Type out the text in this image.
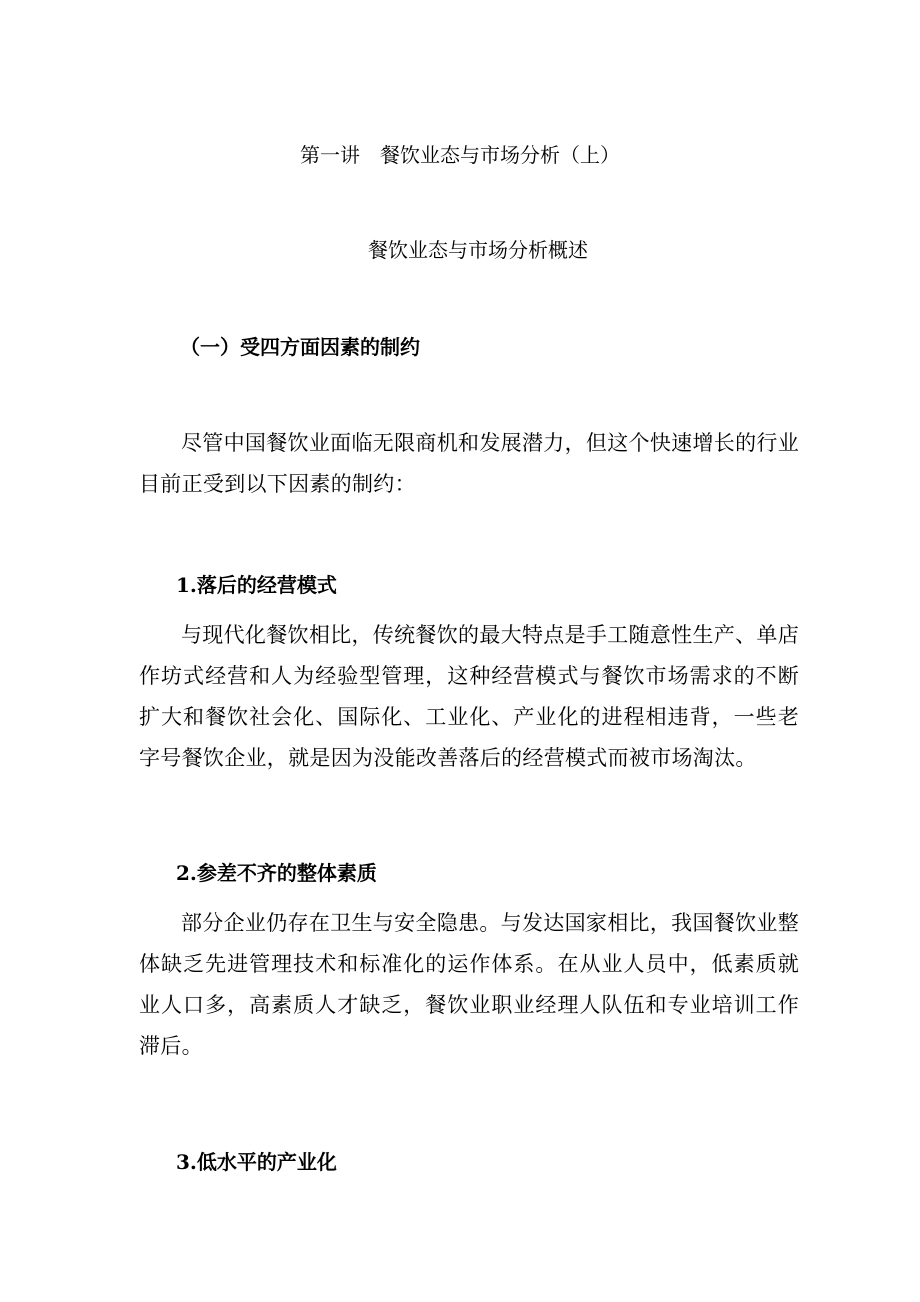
第一讲　餐饮业态与市场分析（上）
餐饮业态与市场分析概述
（一）受四方面因素的制约
尽管中国餐饮业面临无限商机和发展潜力，但这个快速增长的行业目前正受到以下因素的制约：
1.落后的经营模式
与现代化餐饮相比，传统餐饮的最大特点是手工随意性生产、单店作坊式经营和人为经验型管理，这种经营模式与餐饮市场需求的不断扩大和餐饮社会化、国际化、工业化、产业化的进程相违背，一些老字号餐饮企业，就是因为没能改善落后的经营模式而被市场淘汰。
2.参差不齐的整体素质
部分企业仍存在卫生与安全隐患。与发达国家相比，我国餐饮业整体缺乏先进管理技术和标准化的运作体系。在从业人员中，低素质就业人口多，高素质人才缺乏，餐饮业职业经理人队伍和专业培训工作滞后。
3.低水平的产业化
